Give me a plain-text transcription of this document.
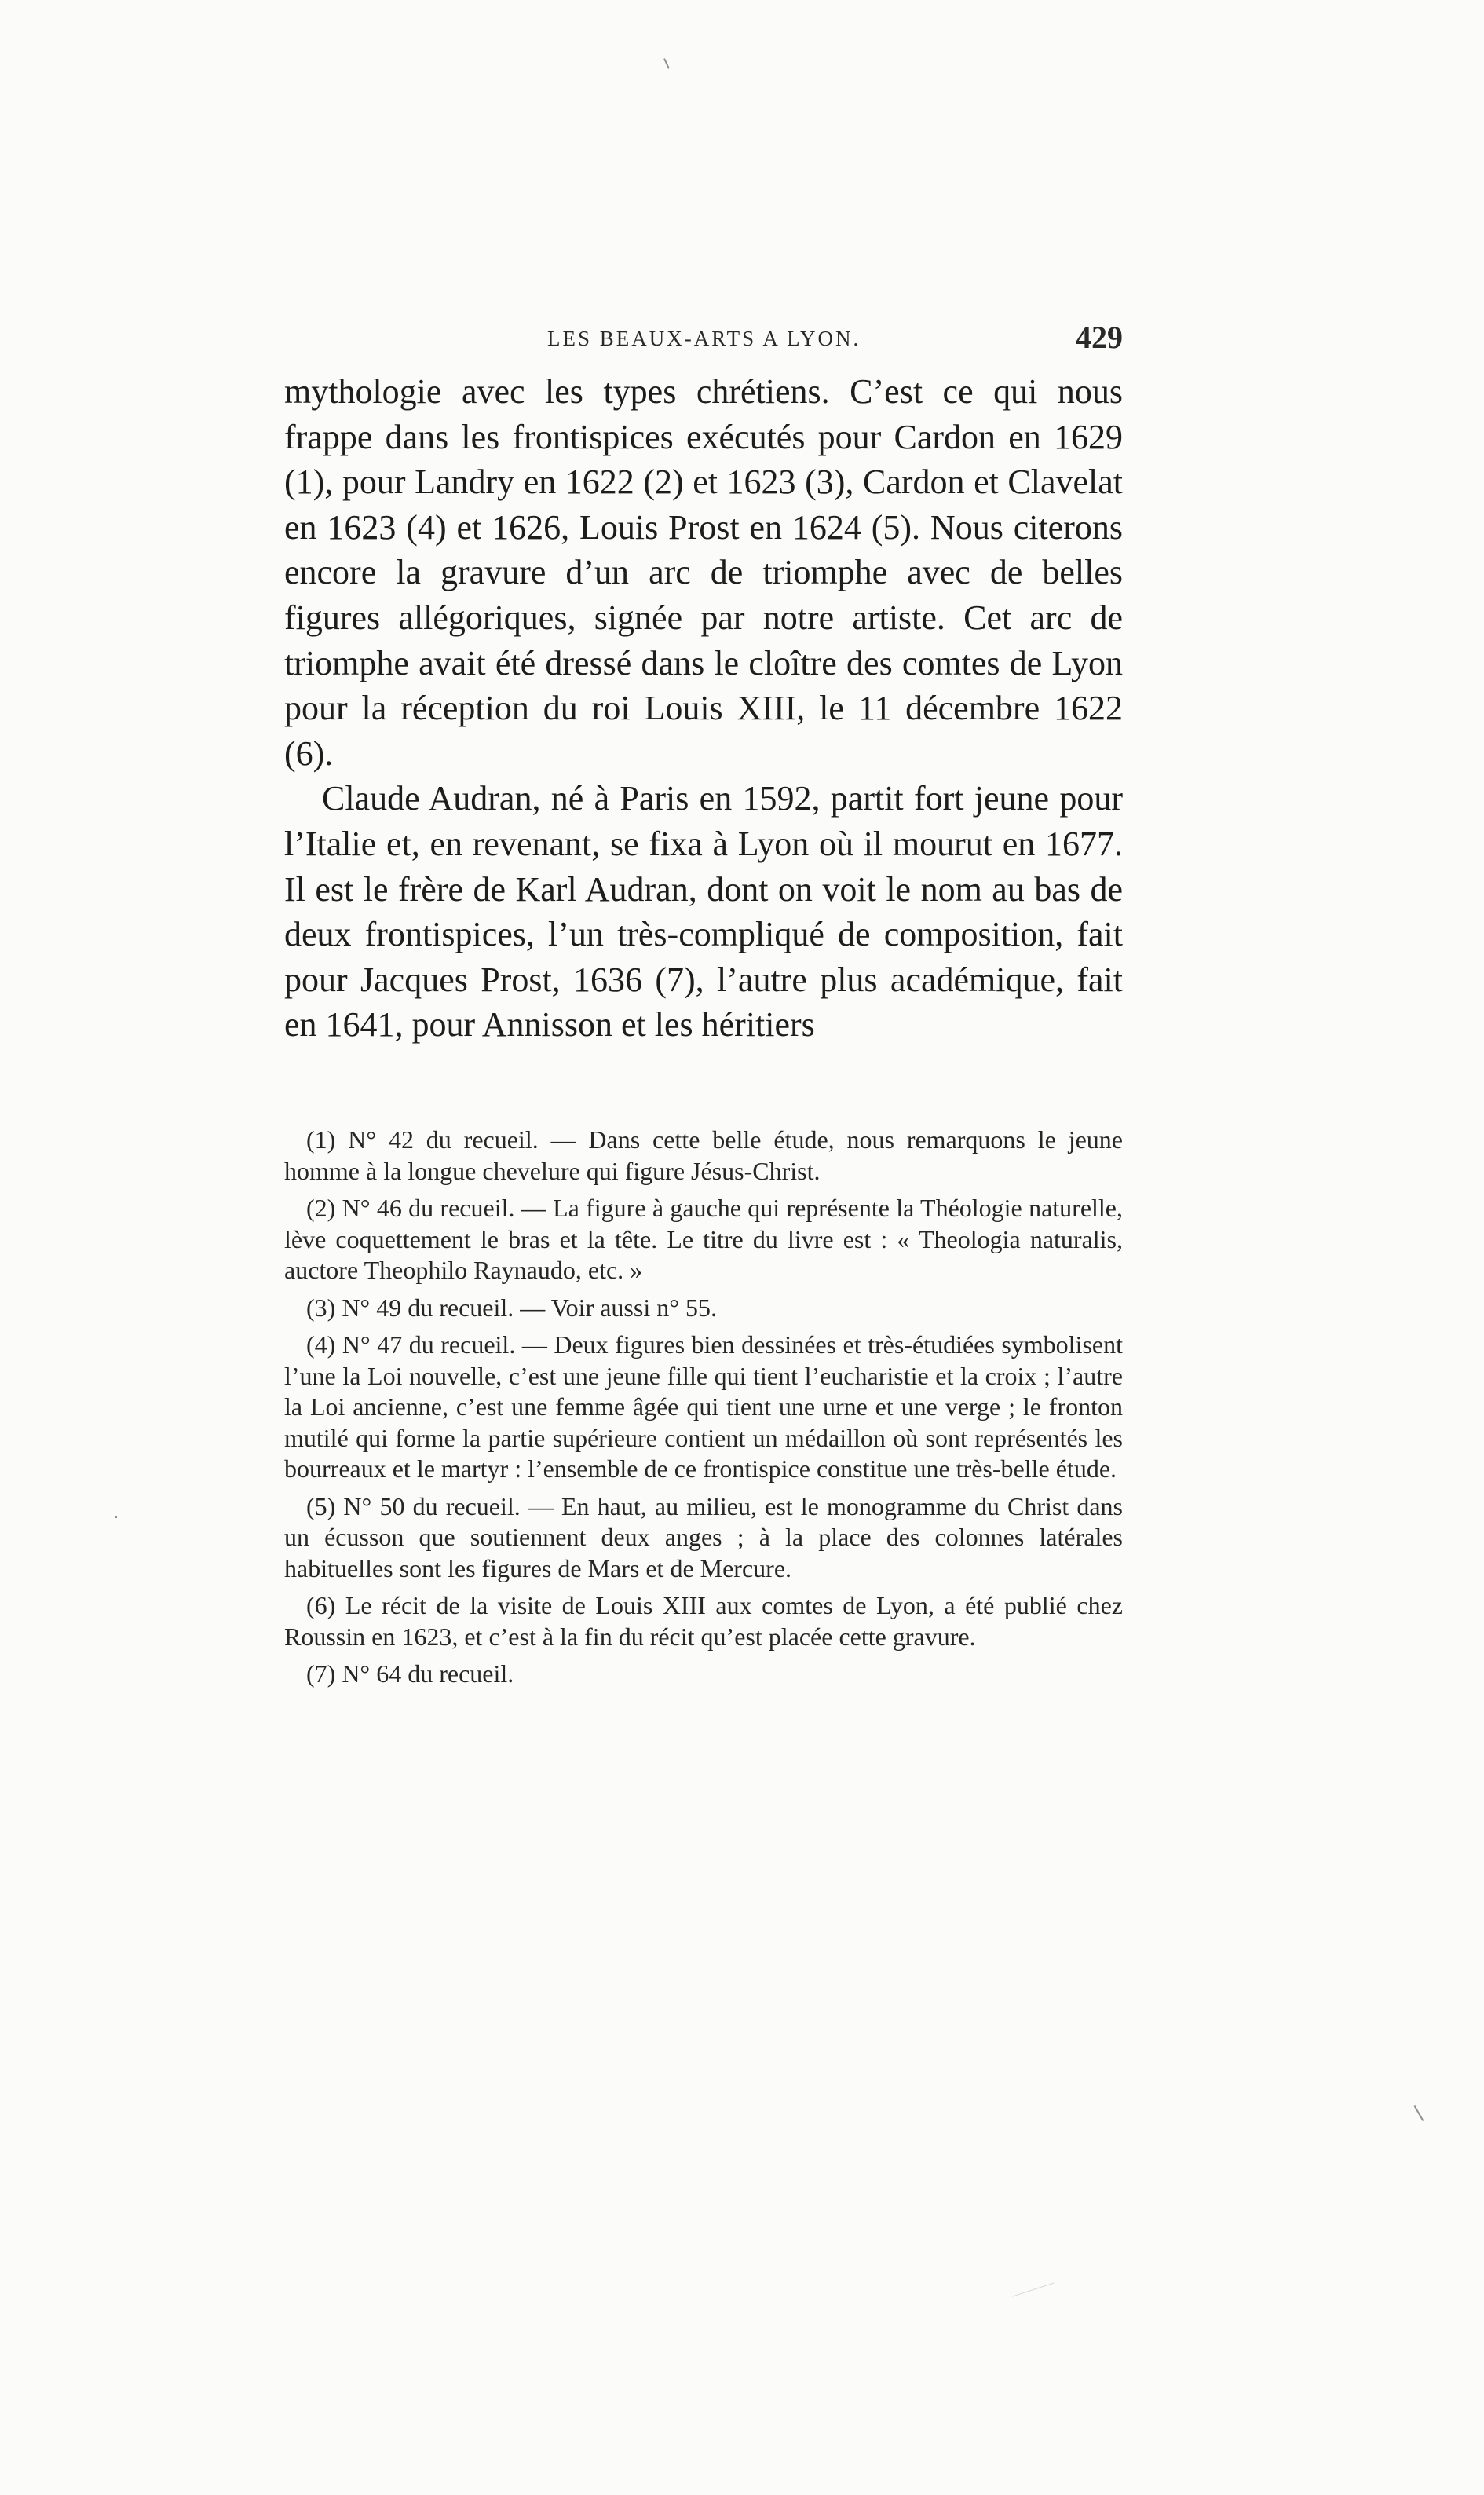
LES BEAUX-ARTS A LYON.	429

mythologie avec les types chrétiens. C’est ce qui nous frappe dans les frontispices exécutés pour Cardon en 1629 (1), pour Landry en 1622 (2) et 1623 (3), Cardon et Clavelat en 1623 (4) et 1626, Louis Prost en 1624 (5). Nous citerons encore la gravure d’un arc de triomphe avec de belles figures allégoriques, signée par notre artiste. Cet arc de triomphe avait été dressé dans le cloître des comtes de Lyon pour la réception du roi Louis XIII, le 11 décembre 1622 (6).

Claude Audran, né à Paris en 1592, partit fort jeune pour l’Italie et, en revenant, se fixa à Lyon où il mourut en 1677. Il est le frère de Karl Audran, dont on voit le nom au bas de deux frontispices, l’un très-compliqué de composition, fait pour Jacques Prost, 1636 (7), l’autre plus académique, fait en 1641, pour Annisson et les héritiers

(1) N° 42 du recueil. — Dans cette belle étude, nous remarquons le jeune homme à la longue chevelure qui figure Jésus-Christ.

(2) N° 46 du recueil. — La figure à gauche qui représente la Théologie naturelle, lève coquettement le bras et la tête. Le titre du livre est : « Theologia naturalis, auctore Theophilo Raynaudo, etc. »

(3) N° 49 du recueil. — Voir aussi n° 55.

(4) N° 47 du recueil. — Deux figures bien dessinées et très-étudiées symbolisent l’une la Loi nouvelle, c’est une jeune fille qui tient l’eucharistie et la croix ; l’autre la Loi ancienne, c’est une femme âgée qui tient une urne et une verge ; le fronton mutilé qui forme la partie supérieure contient un médaillon où sont représentés les bourreaux et le martyr : l’ensemble de ce frontispice constitue une très-belle étude.

(5) N° 50 du recueil. — En haut, au milieu, est le monogramme du Christ dans un écusson que soutiennent deux anges ; à la place des colonnes latérales habituelles sont les figures de Mars et de Mercure.

(6) Le récit de la visite de Louis XIII aux comtes de Lyon, a été publié chez Roussin en 1623, et c’est à la fin du récit qu’est placée cette gravure.

(7) N° 64 du recueil.
